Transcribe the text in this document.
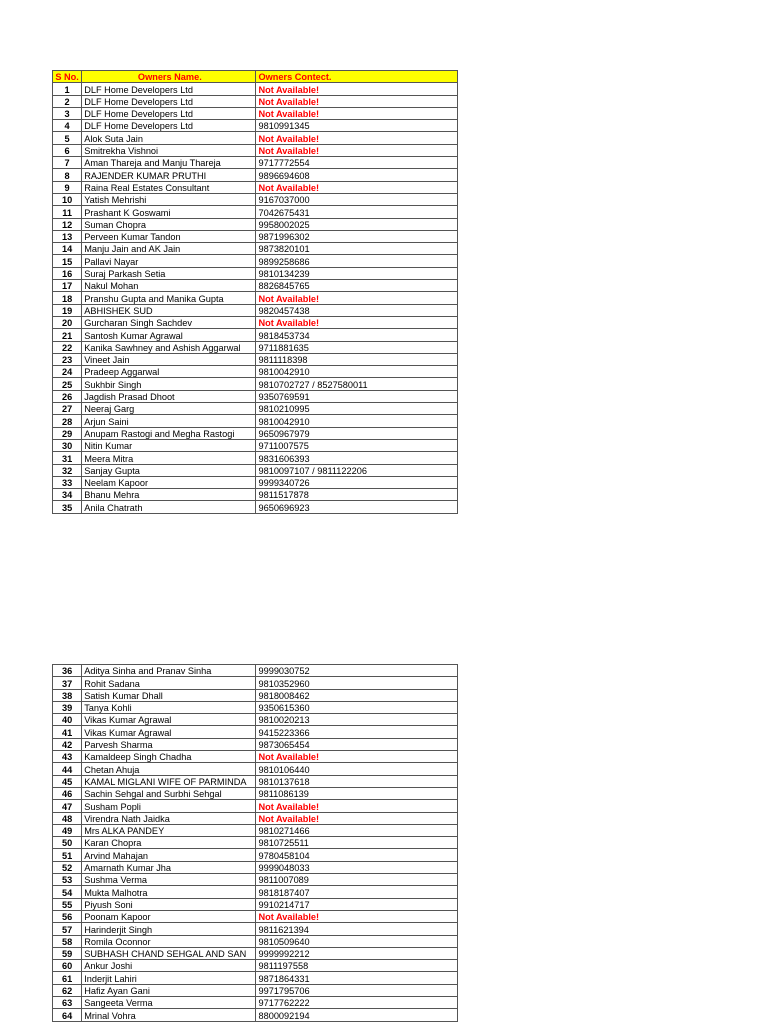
S No.	Owners Name.	Owners Contect.
1	DLF Home Developers Ltd	Not Available!
2	DLF Home Developers Ltd	Not Available!
3	DLF Home Developers Ltd	Not Available!
4	DLF Home Developers Ltd	9810991345
5	Alok Suta Jain	Not Available!
6	Smitrekha Vishnoi	Not Available!
7	Aman Thareja and Manju Thareja	9717772554
8	RAJENDER KUMAR PRUTHI	9896694608
9	Raina Real Estates Consultant	Not Available!
10	Yatish Mehrishi	9167037000
11	Prashant K Goswami	7042675431
12	Suman Chopra	9958002025
13	Perveen Kumar Tandon	9871996302
14	Manju Jain and AK Jain	9873820101
15	Pallavi Nayar	9899258686
16	Suraj Parkash Setia	9810134239
17	Nakul Mohan	8826845765
18	Pranshu Gupta and Manika Gupta	Not Available!
19	ABHISHEK SUD	9820457438
20	Gurcharan Singh Sachdev	Not Available!
21	Santosh Kumar Agrawal	9818453734
22	Kanika Sawhney and Ashish Aggarwal	9711881635
23	Vineet Jain	9811118398
24	Pradeep Aggarwal	9810042910
25	Sukhbir Singh	9810702727 / 8527580011
26	Jagdish Prasad Dhoot	9350769591
27	Neeraj Garg	9810210995
28	Arjun Saini	9810042910
29	Anupam Rastogi and Megha Rastogi	9650967979
30	Nitin Kumar	9711007575
31	Meera Mitra	9831606393
32	Sanjay Gupta	9810097107 / 9811122206
33	Neelam Kapoor	9999340726
34	Bhanu Mehra	9811517878
35	Anila Chatrath	9650696923
36	Aditya Sinha and Pranav Sinha	9999030752
37	Rohit Sadana	9810352960
38	Satish Kumar Dhall	9818008462
39	Tanya Kohli	9350615360
40	Vikas Kumar Agrawal	9810020213
41	Vikas Kumar Agrawal	9415223366
42	Parvesh Sharma	9873065454
43	Kamaldeep Singh Chadha	Not Available!
44	Chetan Ahuja	9810106440
45	KAMAL MIGLANI WIFE OF PARMINDA	9810137618
46	Sachin Sehgal and Surbhi Sehgal	9811086139
47	Susham Popli	Not Available!
48	Virendra Nath Jaidka	Not Available!
49	Mrs ALKA PANDEY	9810271466
50	Karan Chopra	9810725511
51	Arvind Mahajan	9780458104
52	Amarnath Kumar Jha	9999048033
53	Sushma Verma	9811007089
54	Mukta Malhotra	9818187407
55	Piyush Soni	9910214717
56	Poonam Kapoor	Not Available!
57	Harinderjit Singh	9811621394
58	Romila Oconnor	9810509640
59	SUBHASH CHAND SEHGAL AND SAN	9999992212
60	Ankur Joshi	9811197558
61	Inderjit Lahiri	9871864331
62	Hafiz Ayan Gani	9971795706
63	Sangeeta Verma	9717762222
64	Mrinal Vohra	8800092194
